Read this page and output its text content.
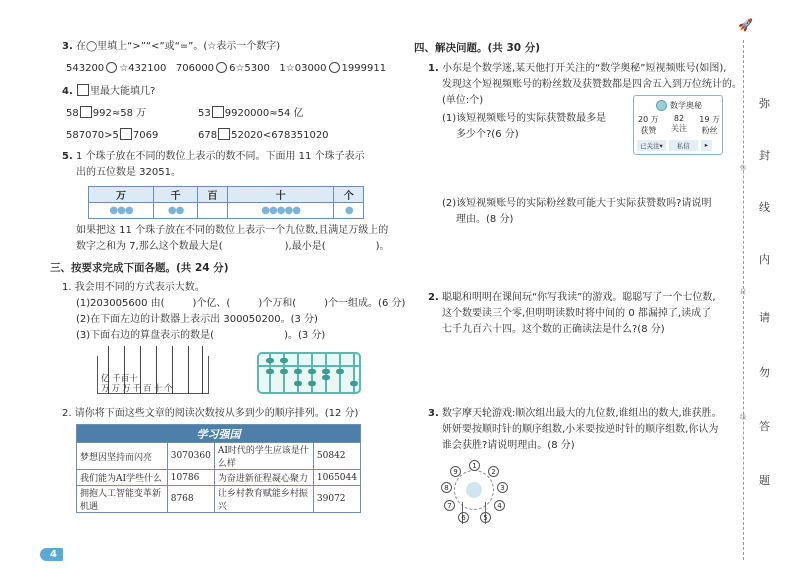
3. 在◯里填上“>”“<”或“=”。(☆表示一个数字)
543200 ☆432100 706000 6☆5300 1☆03000 1999911
4. 里最大能填几?
58 992≈58 万	53 9920000≈54 亿
587070>5 7069	678 52020<678351020
5. 1 个珠子放在不同的数位上表示的数不同。下面用 11 个珠子表示
出的五位数是 32051。
万	千	百	十	个
●●●	●●		●●●●●	●
如果把这 11 个珠子放在不同的数位上表示一个九位数,且满足万级上的
数字之和为 7,那么这个数最大是(	),最小是(	)。
三、按要求完成下面各题。(共 24 分)
1. 我会用不同的方式表示大数。
(1)203005600 由(	)个亿、(	)个万和(	)个一组成。(6 分)
(2)在下面左边的计数器上表示出 300050200。(3 分)
(3)下面右边的算盘表示的数是(	)。(3 分)
亿 千百十
万万万千百十个
2. 请你将下面这些文章的阅读次数按从多到少的顺序排列。(12 分)
学习强国			
梦想因坚持而闪亮	3070360	AI时代的学生应该是什么样	50842
我们能为AI学些什么	10786	为奋进新征程凝心聚力	1065044
拥抱人工智能变革新机遇	8768	让乡村教育赋能乡村振兴	39072
4
四、解决问题。(共 30 分)
1. 小东是个数学迷,某天他打开关注的“数学奥秘”短视频账号(如图),
发现这个短视频账号的粉丝数及获赞数都是四舍五入到万位统计的。
(单位:个)
(1)该短视频账号的实际获赞数最多是
多少个?(6 分)
数学奥秘
20 万
获赞
82
关注
19 万
粉丝
已关注▾	私信	▸
(2)该短视频账号的实际粉丝数可能大于实际获赞数吗?请说明
理由。(8 分)
2. 聪聪和明明在课间玩“你写我读”的游戏。聪聪写了一个七位数,
这个数要读三个零,但明明读数时将中间的 0 都漏掉了,读成了
七千九百六十四。这个数的正确读法是什么?(8 分)
3. 数字摩天轮游戏:顺次组出最大的九位数,谁组出的数大,谁获胜。
妍妍要按顺时针的顺序组数,小米要按逆时针的顺序组数,你认为
谁会获胜?请说明理由。(8 分)
1
2
3
4
5
6
7
8
9
🚀
弥
封
线
内
请
勿
答
题
弥
封
线
